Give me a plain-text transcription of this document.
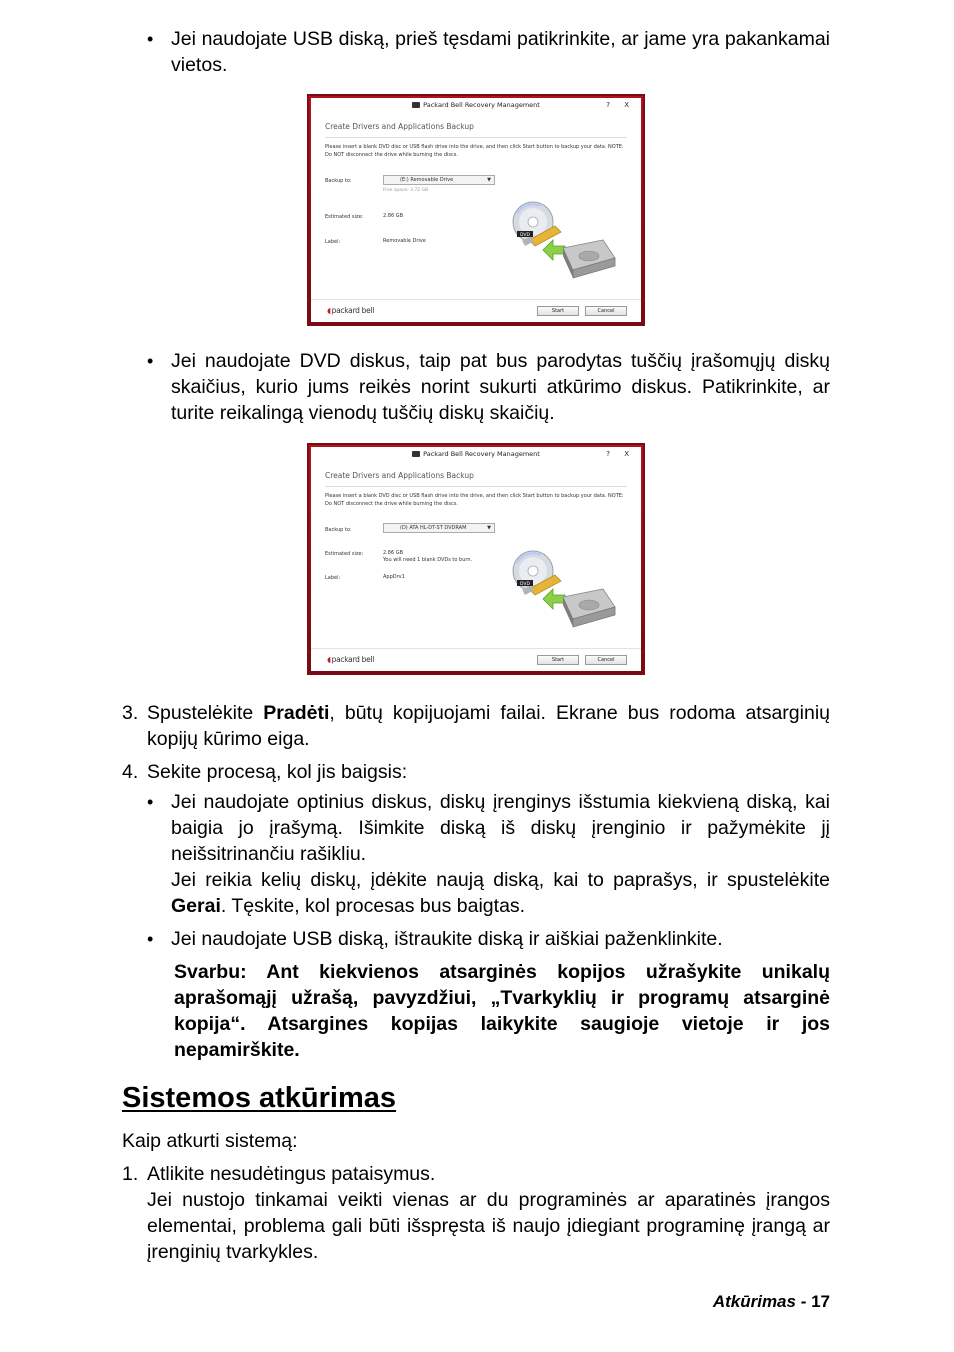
• Jei naudojate USB diską, prieš tęsdami patikrinkite, ar jame yra pakankamai vietos.
Packard Bell Recovery Management	? X
Create Drivers and Applications Backup
Please insert a blank DVD disc or USB flash drive into the drive, and then click Start button to backup your data. NOTE: Do NOT disconnect the drive while burning the discs.
Backup to:	(E:) Removable Drive	▼
Free space: 3.72 GB
Estimated size:	2.86 GB
Label:	Removable Drive
DVD
◖packard bell	Start	Cancel
• Jei naudojate DVD diskus, taip pat bus parodytas tuščių įrašomųjų diskų skaičius, kurio jums reikės norint sukurti atkūrimo diskus. Patikrinkite, ar turite reikalingą vienodų tuščių diskų skaičių.
Packard Bell Recovery Management	? X
Create Drivers and Applications Backup
Please insert a blank DVD disc or USB flash drive into the drive, and then click Start button to backup your data. NOTE: Do NOT disconnect the drive while burning the discs.
Backup to:	(D) ATA HL-DT-ST DVDRAM	▼
Estimated size:	2.86 GB
You will need 1 blank DVDs to burn.
Label:	AppDrv1
DVD
◖packard bell	Start	Cancel
3. Spustelėkite Pradėti, būtų kopijuojami failai. Ekrane bus rodoma atsarginių kopijų kūrimo eiga.
4. Sekite procesą, kol jis baigsis:
• Jei naudojate optinius diskus, diskų įrenginys išstumia kiekvieną diską, kai baigia jo įrašymą. Išimkite diską iš diskų įrenginio ir pažymėkite jį neišsitrinančiu rašikliu.
Jei reikia kelių diskų, įdėkite naują diską, kai to paprašys, ir spustelėkite Gerai. Tęskite, kol procesas bus baigtas.
• Jei naudojate USB diską, ištraukite diską ir aiškiai paženklinkite.
Svarbu: Ant kiekvienos atsarginės kopijos užrašykite unikalų aprašomąjį užrašą, pavyzdžiui, „Tvarkyklių ir programų atsarginė kopija“. Atsargines kopijas laikykite saugioje vietoje ir jos nepamirškite.
Sistemos atkūrimas
Kaip atkurti sistemą:
1. Atlikite nesudėtingus pataisymus.
Jei nustojo tinkamai veikti vienas ar du programinės ar aparatinės įrangos elementai, problema gali būti išspręsta iš naujo įdiegiant programinę įrangą ar įrenginių tvarkykles.
Atkūrimas - 17
